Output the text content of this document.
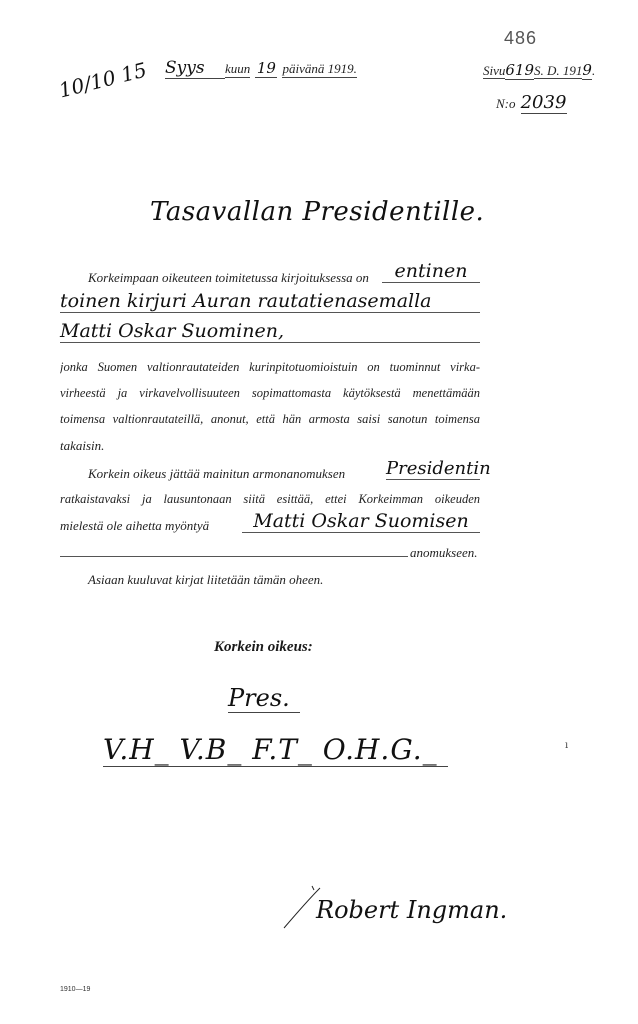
486
10/10 15 Syys kuun 19 päivänä 1919.	Sivu619S. D. 1919.
N:o 2039
Tasavallan Presidentille.
Korkeimpaan oikeuteen toimitetussa kirjoituksessa on	entinen
toinen kirjuri Auran rautatienasemalla
Matti Oskar Suominen,
jonka Suomen valtionrautateiden kurinpitotuomioistuin on tuominnut virka-
virheestä ja virkavelvollisuuteen sopimattomasta käytöksestä menettämään
toimensa valtionrautateillä, anonut, että hän armosta saisi sanotun toimensa
takaisin.
Korkein oikeus jättää mainitun armonanomuksen Presidentin
ratkaistavaksi ja lausuntonaan siitä esittää, ettei Korkeimman oikeuden
mielestä ole aihetta myöntyä	Matti Oskar Suomisen
anomukseen.
Asiaan kuuluvat kirjat liitetään tämän oheen.
Korkein oikeus:
Pres.
V.H_ V.B_ F.T_ O.H.G._	ı
Robert Ingman.
1910—19
